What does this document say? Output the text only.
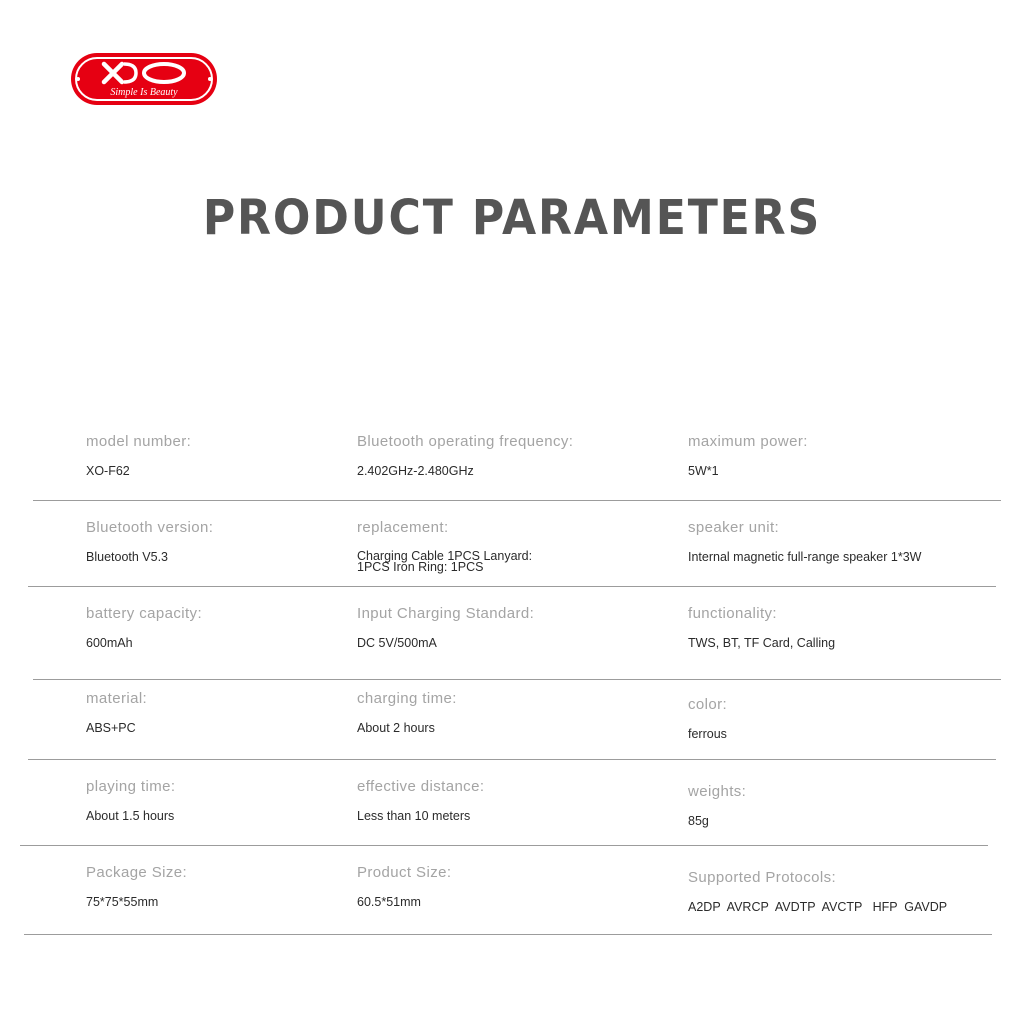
Simple Is Beauty
PRODUCT PARAMETERS
model number:
XO-F62
Bluetooth operating frequency:
2.402GHz-2.480GHz
maximum power:
5W*1
Bluetooth version:
Bluetooth V5.3
replacement:
Charging Cable 1PCS Lanyard:
1PCS Iron Ring: 1PCS
speaker unit:
Internal magnetic full-range speaker 1*3W
battery capacity:
600mAh
Input Charging Standard:
DC 5V/500mA
functionality:
TWS, BT, TF Card, Calling
material:
ABS+PC
charging time:
About 2 hours
color:
ferrous
playing time:
About 1.5 hours
effective distance:
Less than 10 meters
weights:
85g
Package Size:
75*75*55mm
Product Size:
60.5*51mm
Supported Protocols:
A2DP  AVRCP  AVDTP  AVCTP   HFP  GAVDP
